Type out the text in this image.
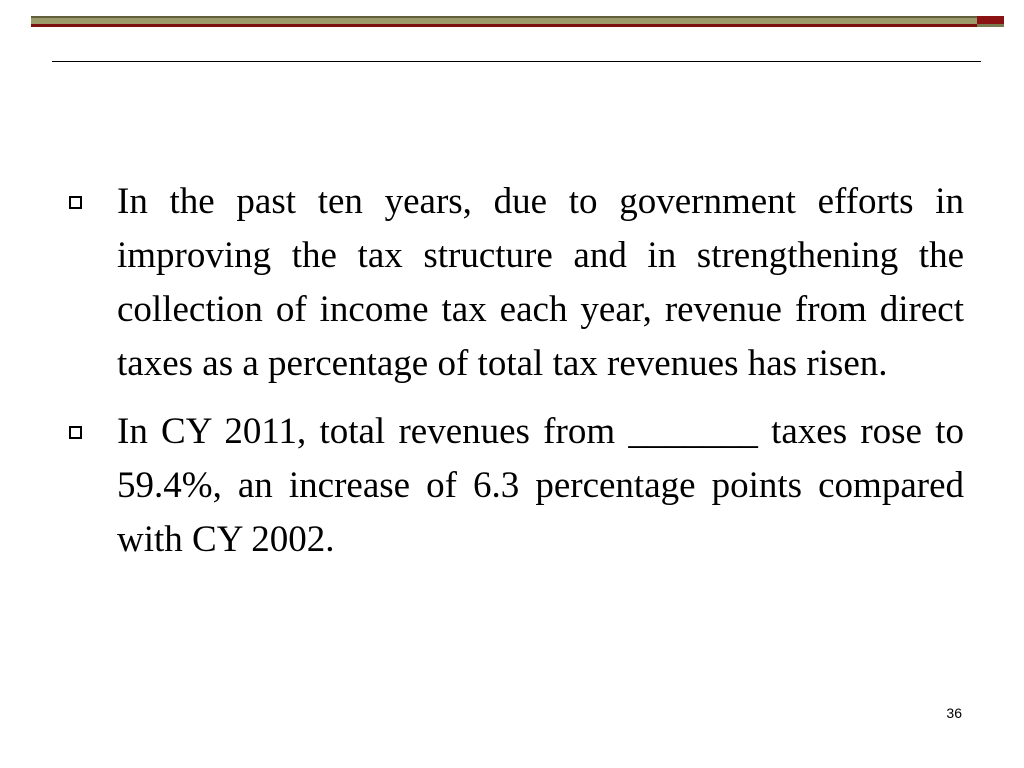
In the past ten years, due to government efforts in improving the tax structure and in strengthening the collection of income tax each year, revenue from direct taxes as a percentage of total tax revenues has risen.
In CY 2011, total revenues from _______ taxes rose to 59.4%, an increase of 6.3 percentage points compared with CY 2002.
36
